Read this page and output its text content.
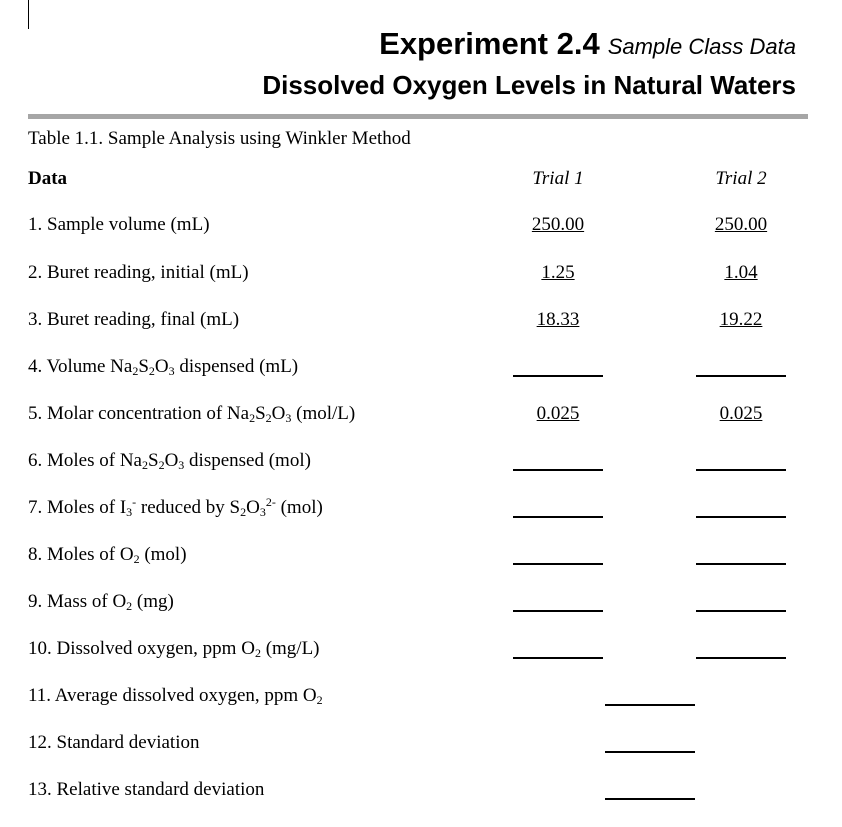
Experiment 2.4 Sample Class Data
Dissolved Oxygen Levels in Natural Waters
Table 1.1. Sample Analysis using Winkler Method
Data	Trial 1	Trial 2
1. Sample volume (mL)	250.00	250.00
2. Buret reading, initial (mL)	1.25	1.04
3. Buret reading, final (mL)	18.33	19.22
4. Volume $Na_2S_2O_3$ dispensed (mL)
5. Molar concentration of $Na_2S_2O_3$ (mol/L)	0.025	0.025
6. Moles of $Na_2S_2O_3$ dispensed (mol)
7. Moles of $I_3^-$ reduced by $S_2O_3^{2-}$ (mol)
8. Moles of $O_2$ (mol)
9. Mass of $O_2$ (mg)
10. Dissolved oxygen, ppm $O_2$ (mg/L)
11. Average dissolved oxygen, ppm $O_2$
12. Standard deviation
13. Relative standard deviation
